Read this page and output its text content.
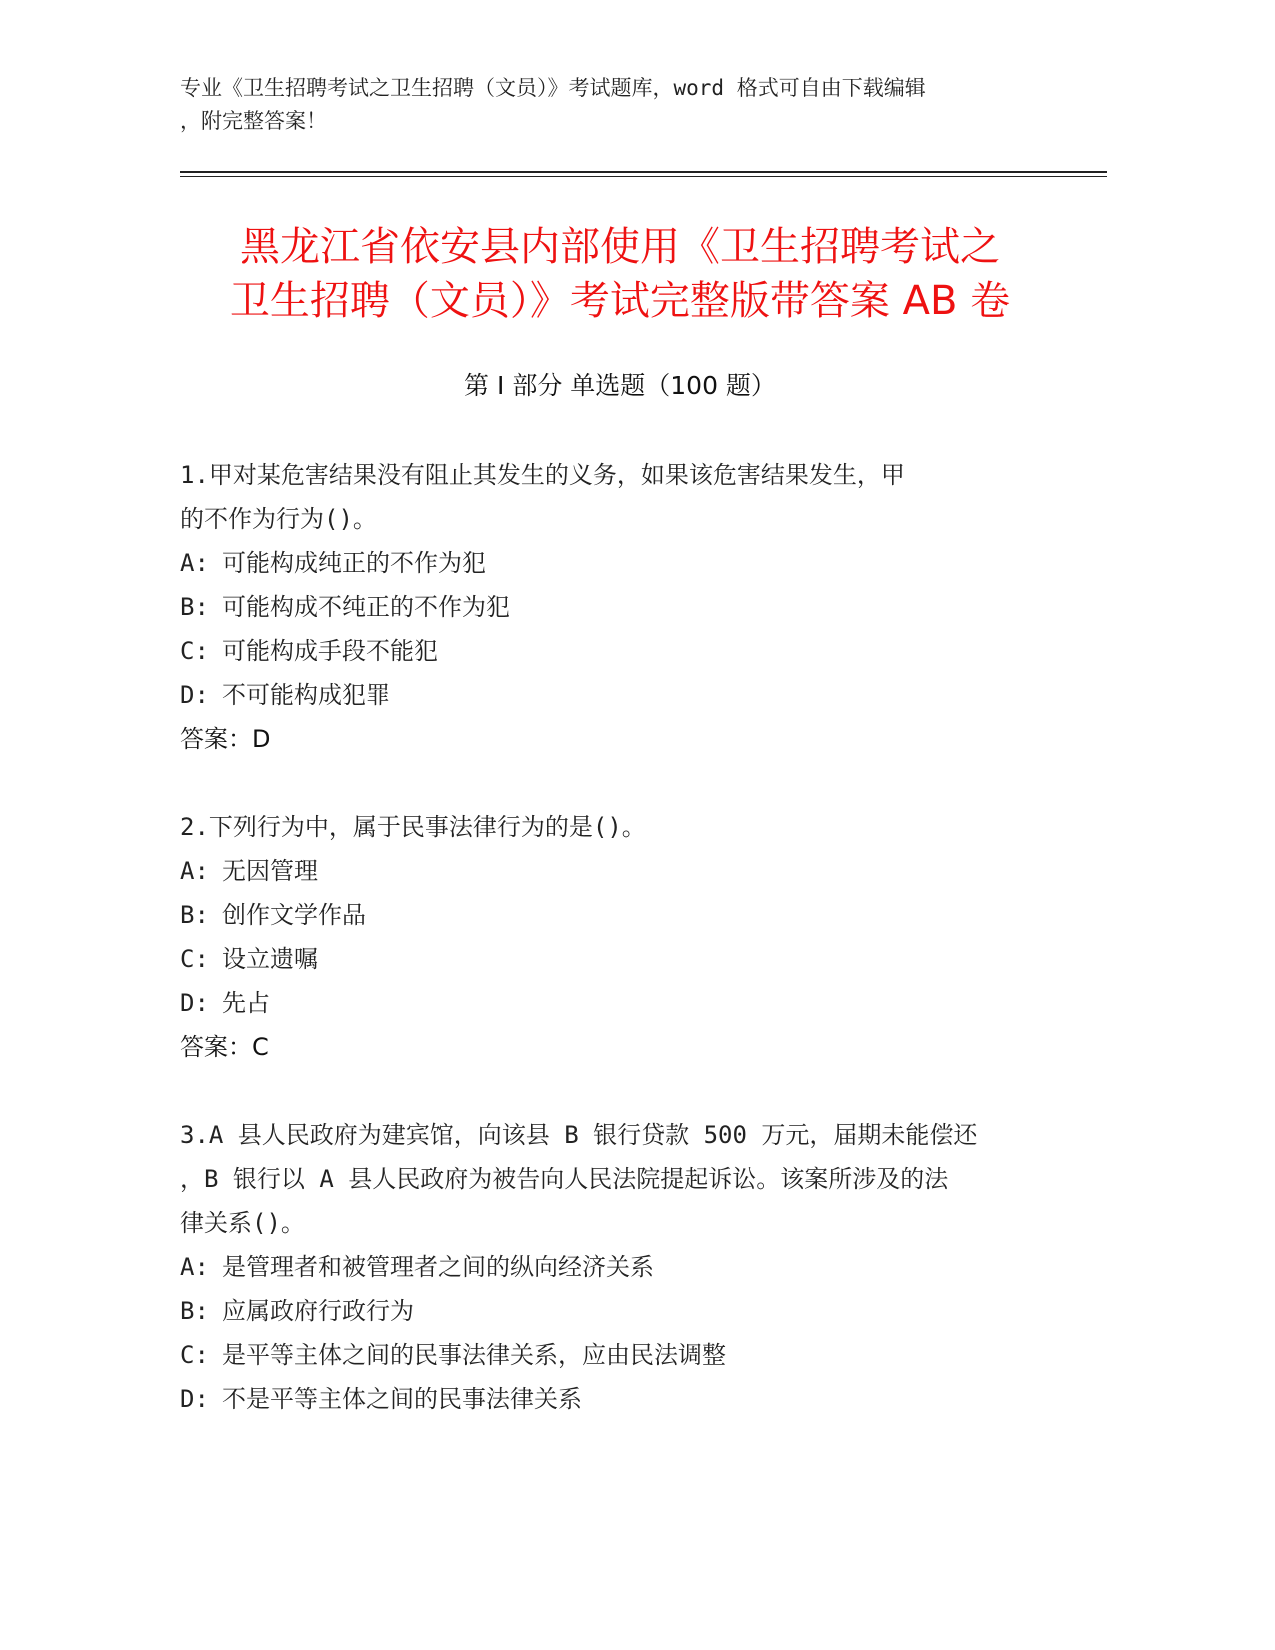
专业《卫生招聘考试之卫生招聘（文员）》考试题库，word 格式可自由下载编辑
，附完整答案！
黑龙江省依安县内部使用《卫生招聘考试之
卫生招聘（文员）》考试完整版带答案 AB 卷
第 I 部分 单选题（100 题）
1.甲对某危害结果没有阻止其发生的义务，如果该危害结果发生，甲
的不作为行为()。
A: 可能构成纯正的不作为犯
B: 可能构成不纯正的不作为犯
C: 可能构成手段不能犯
D: 不可能构成犯罪
答案：D
2.下列行为中，属于民事法律行为的是()。
A: 无因管理
B: 创作文学作品
C: 设立遗嘱
D: 先占
答案：C
3.A 县人民政府为建宾馆，向该县 B 银行贷款 500 万元，届期未能偿还
，B 银行以 A 县人民政府为被告向人民法院提起诉讼。该案所涉及的法
律关系()。
A: 是管理者和被管理者之间的纵向经济关系
B: 应属政府行政行为
C: 是平等主体之间的民事法律关系，应由民法调整
D: 不是平等主体之间的民事法律关系
